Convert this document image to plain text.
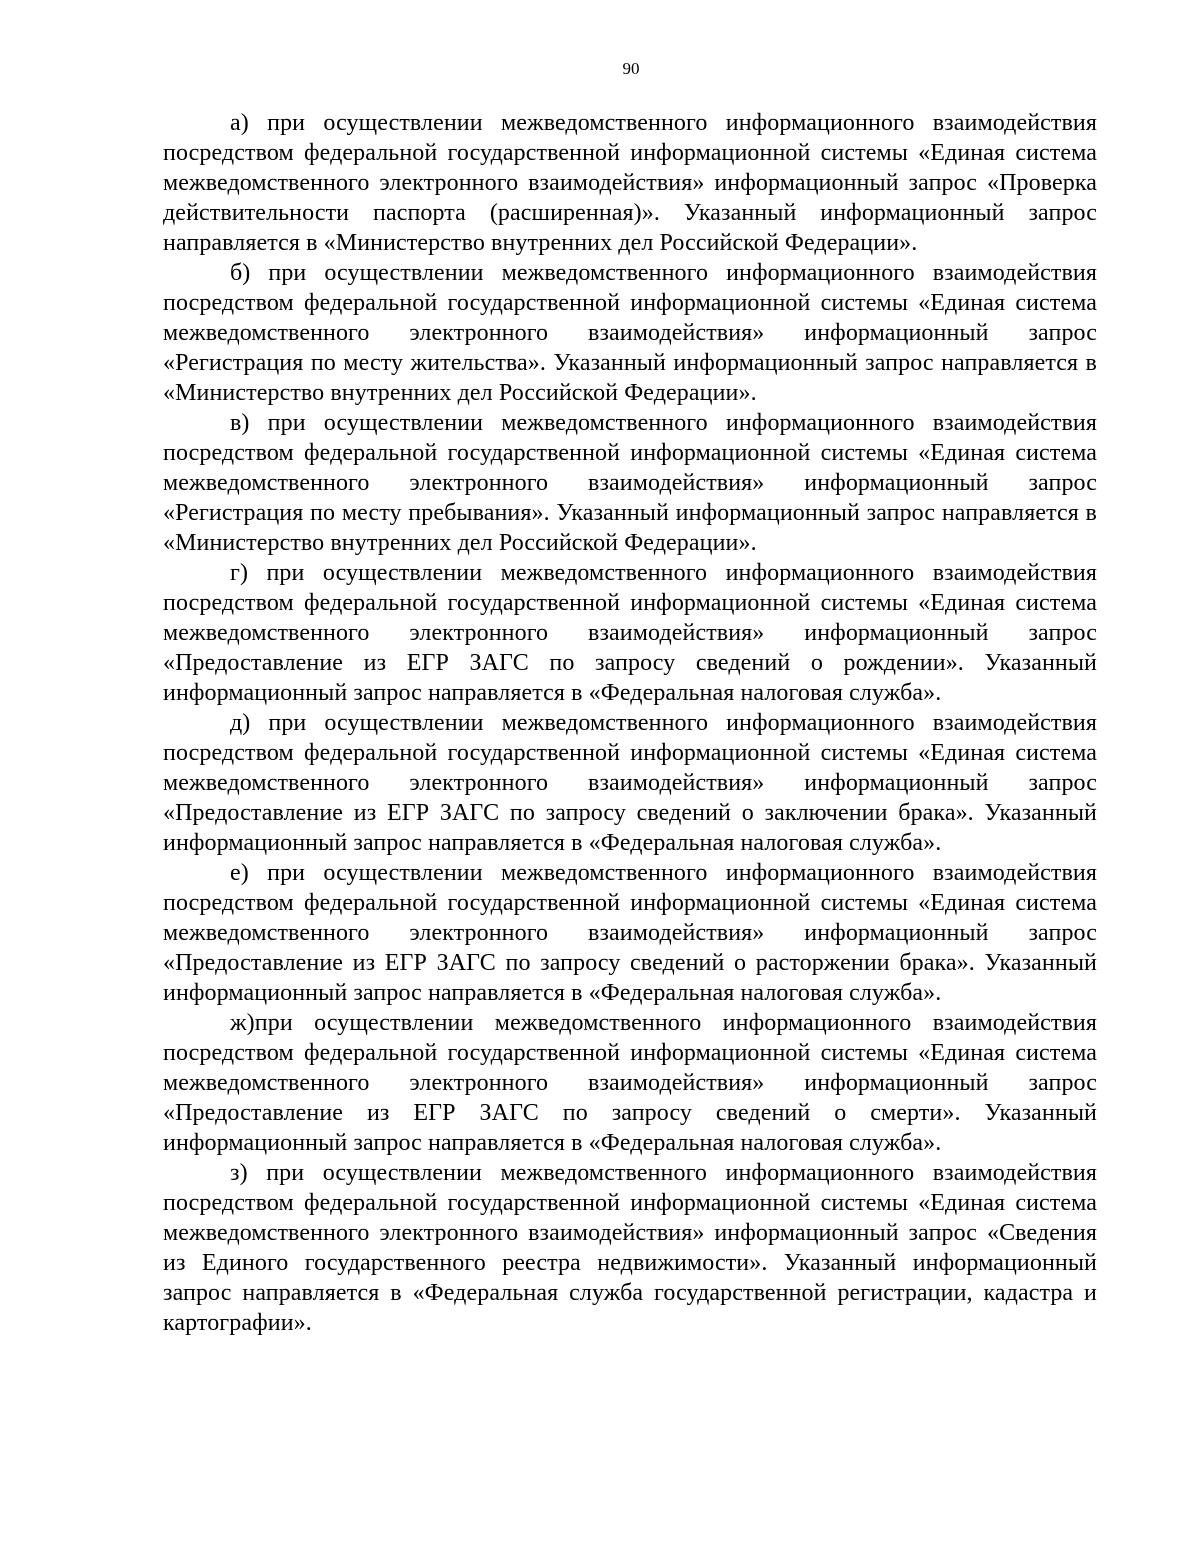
90

а) при осуществлении межведомственного информационного взаимодействия посредством федеральной государственной информационной системы «Единая система межведомственного электронного взаимодействия» информационный запрос «Проверка действительности паспорта (расширенная)». Указанный информационный запрос направляется в «Министерство внутренних дел Российской Федерации».

б) при осуществлении межведомственного информационного взаимодействия посредством федеральной государственной информационной системы «Единая система межведомственного электронного взаимодействия» информационный запрос «Регистрация по месту жительства». Указанный информационный запрос направляется в «Министерство внутренних дел Российской Федерации».

в) при осуществлении межведомственного информационного взаимодействия посредством федеральной государственной информационной системы «Единая система межведомственного электронного взаимодействия» информационный запрос «Регистрация по месту пребывания». Указанный информационный запрос направляется в «Министерство внутренних дел Российской Федерации».

г) при осуществлении межведомственного информационного взаимодействия посредством федеральной государственной информационной системы «Единая система межведомственного электронного взаимодействия» информационный запрос «Предоставление из ЕГР ЗАГС по запросу сведений о рождении». Указанный информационный запрос направляется в «Федеральная налоговая служба».

д) при осуществлении межведомственного информационного взаимодействия посредством федеральной государственной информационной системы «Единая система межведомственного электронного взаимодействия» информационный запрос «Предоставление из ЕГР ЗАГС по запросу сведений о заключении брака». Указанный информационный запрос направляется в «Федеральная налоговая служба».

е) при осуществлении межведомственного информационного взаимодействия посредством федеральной государственной информационной системы «Единая система межведомственного электронного взаимодействия» информационный запрос «Предоставление из ЕГР ЗАГС по запросу сведений о расторжении брака». Указанный информационный запрос направляется в «Федеральная налоговая служба».

ж)при осуществлении межведомственного информационного взаимодействия посредством федеральной государственной информационной системы «Единая система межведомственного электронного взаимодействия» информационный запрос «Предоставление из ЕГР ЗАГС по запросу сведений о смерти». Указанный информационный запрос направляется в «Федеральная налоговая служба».

з) при осуществлении межведомственного информационного взаимодействия посредством федеральной государственной информационной системы «Единая система межведомственного электронного взаимодействия» информационный запрос «Сведения из Единого государственного реестра недвижимости». Указанный информационный запрос направляется в «Федеральная служба государственной регистрации, кадастра и картографии».
